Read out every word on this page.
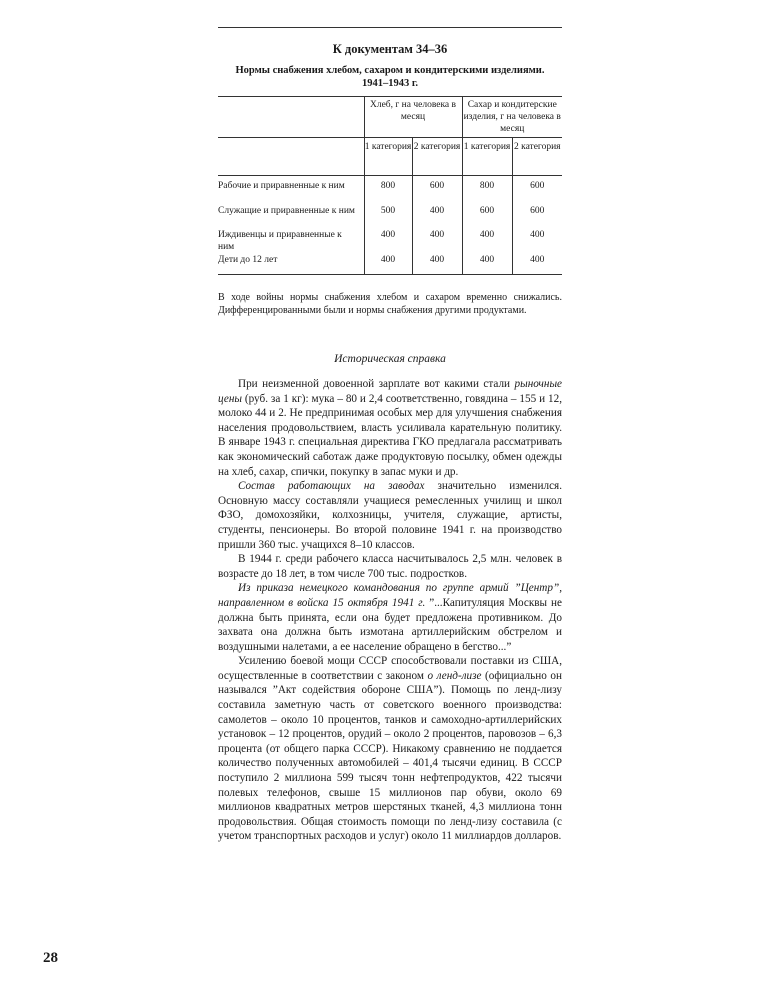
К документам 34–36
Нормы снабжения хлебом, сахаром и кондитерскими изделиями.
1941–1943 г.
	Хлеб, г на человека в месяц		Сахар и кондитерские изделия, г на человека в месяц	
	1 категория	2 категория	1 категория	2 категория
Рабочие и приравненные к ним	800	600	800	600
Служащие и приравненные к ним	500	400	600	600
Иждивенцы и приравненные к ним	400	400	400	400
Дети до 12 лет	400	400	400	400
В ходе войны нормы снабжения хлебом и сахаром временно снижались. Дифференцированными были и нормы снабжения другими продуктами.
Историческая справка

При неизменной довоенной зарплате вот какими стали рыночные цены (руб. за 1 кг): мука – 80 и 2,4 соответственно, говядина – 155 и 12, молоко 44 и 2. Не предпринимая особых мер для улучшения снабжения населения продовольствием, власть усиливала карательную политику. В январе 1943 г. специальная директива ГКО предлагала рассматривать как экономический саботаж даже продуктовую посылку, обмен одежды на хлеб, сахар, спички, покупку в запас муки и др.

Состав работающих на заводах значительно изменился. Основную массу составляли учащиеся ремесленных училищ и школ ФЗО, домохозяйки, колхозницы, учителя, служащие, артисты, студенты, пенсионеры. Во второй половине 1941 г. на производство пришли 360 тыс. учащихся 8–10 классов.

В 1944 г. среди рабочего класса насчитывалось 2,5 млн. человек в возрасте до 18 лет, в том числе 700 тыс. подростков.

Из приказа немецкого командования по группе армий ”Центр”, направленном в войска 15 октября 1941 г. ”...Капитуляция Москвы не должна быть принята, если она будет предложена противником. До захвата она должна быть измотана артиллерийским обстрелом и воздушными налетами, а ее население обращено в бегство...”

Усилению боевой мощи СССР способствовали поставки из США, осуществленные в соответствии с законом о ленд-лизе (официально он назывался ”Акт содействия обороне США”). Помощь по ленд-лизу составила заметную часть от советского военного производства: самолетов – около 10 процентов, танков и самоходно-артиллерийских установок – 12 процентов, орудий – около 2 процентов, паровозов – 6,3 процента (от общего парка СССР). Никакому сравнению не поддается количество полученных автомобилей – 401,4 тысячи единиц. В СССР поступило 2 миллиона 599 тысяч тонн нефтепродуктов, 422 тысячи полевых телефонов, свыше 15 миллионов пар обуви, около 69 миллионов квадратных метров шерстяных тканей, 4,3 миллиона тонн продовольствия. Общая стоимость помощи по ленд-лизу составила (с учетом транспортных расходов и услуг) около 11 миллиардов долларов.

28
